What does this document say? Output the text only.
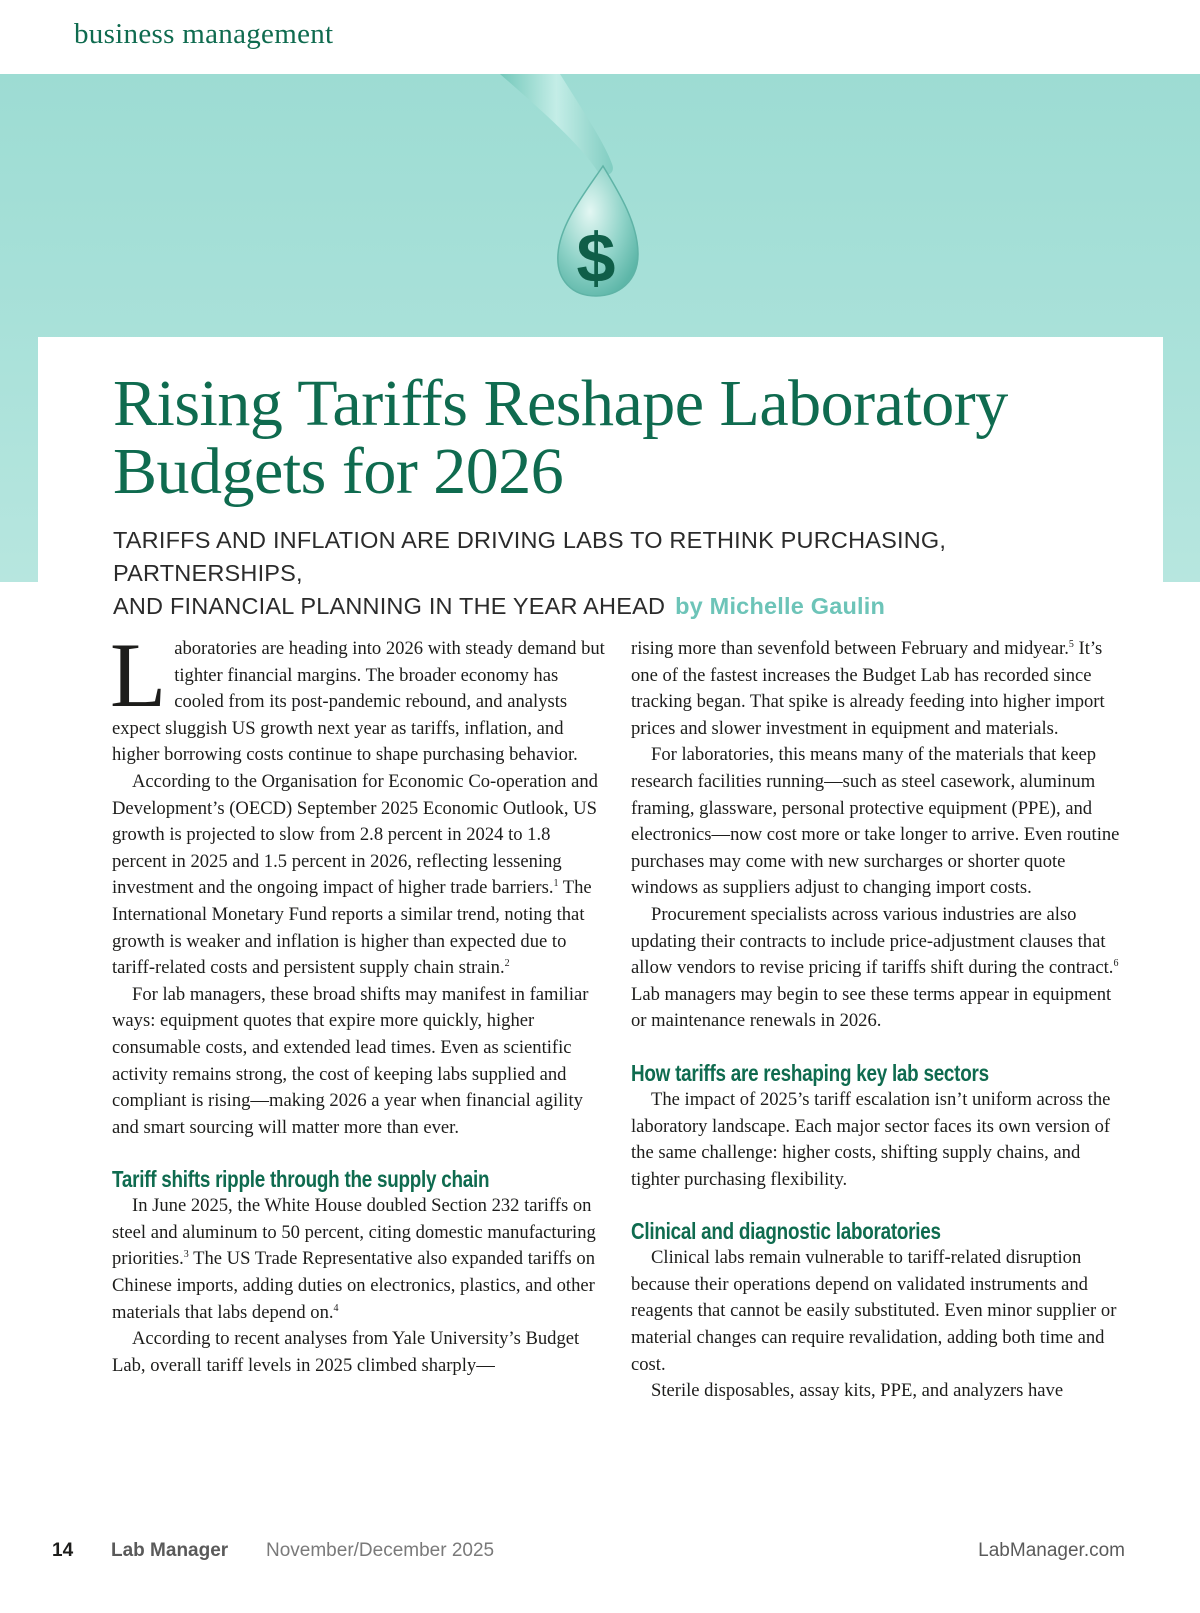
business management
$
Rising Tariffs Reshape Laboratory
Budgets for 2026

TARIFFS AND INFLATION ARE DRIVING LABS TO RETHINK PURCHASING, PARTNERSHIPS,
AND FINANCIAL PLANNING IN THE YEAR AHEAD by Michelle Gaulin

Laboratories are heading into 2026 with steady demand but tighter financial margins. The broader economy has cooled from its post-pandemic rebound, and analysts expect sluggish US growth next year as tariffs, inflation, and higher borrowing costs continue to shape purchasing behavior.

According to the Organisation for Economic Co-operation and Development’s (OECD) September 2025 Economic Outlook, US growth is projected to slow from 2.8 percent in 2024 to 1.8 percent in 2025 and 1.5 percent in 2026, reflecting lessening investment and the ongoing impact of higher trade barriers.$^1$ The International Monetary Fund reports a similar trend, noting that growth is weaker and inflation is higher than expected due to tariff-related costs and persistent supply chain strain.$^2$

For lab managers, these broad shifts may manifest in familiar ways: equipment quotes that expire more quickly, higher consumable costs, and extended lead times. Even as scientific activity remains strong, the cost of keeping labs supplied and compliant is rising—making 2026 a year when financial agility and smart sourcing will matter more than ever.

Tariff shifts ripple through the supply chain

In June 2025, the White House doubled Section 232 tariffs on steel and aluminum to 50 percent, citing domestic manufacturing priorities.$^3$ The US Trade Representative also expanded tariffs on Chinese imports, adding duties on electronics, plastics, and other materials that labs depend on.$^4$

According to recent analyses from Yale University’s Budget Lab, overall tariff levels in 2025 climbed sharply—

rising more than sevenfold between February and midyear.$^5$ It’s one of the fastest increases the Budget Lab has recorded since tracking began. That spike is already feeding into higher import prices and slower investment in equipment and materials.

For laboratories, this means many of the materials that keep research facilities running—such as steel casework, aluminum framing, glassware, personal protective equipment (PPE), and electronics—now cost more or take longer to arrive. Even routine purchases may come with new surcharges or shorter quote windows as suppliers adjust to changing import costs.

Procurement specialists across various industries are also updating their contracts to include price-adjustment clauses that allow vendors to revise pricing if tariffs shift during the contract.$^6$ Lab managers may begin to see these terms appear in equipment or maintenance renewals in 2026.

How tariffs are reshaping key lab sectors

The impact of 2025’s tariff escalation isn’t uniform across the laboratory landscape. Each major sector faces its own version of the same challenge: higher costs, shifting supply chains, and tighter purchasing flexibility.

Clinical and diagnostic laboratories

Clinical labs remain vulnerable to tariff-related disruption because their operations depend on validated instruments and reagents that cannot be easily substituted. Even minor supplier or material changes can require revalidation, adding both time and cost.

Sterile disposables, assay kits, PPE, and analyzers have

14 Lab Manager November/December 2025	LabManager.com
